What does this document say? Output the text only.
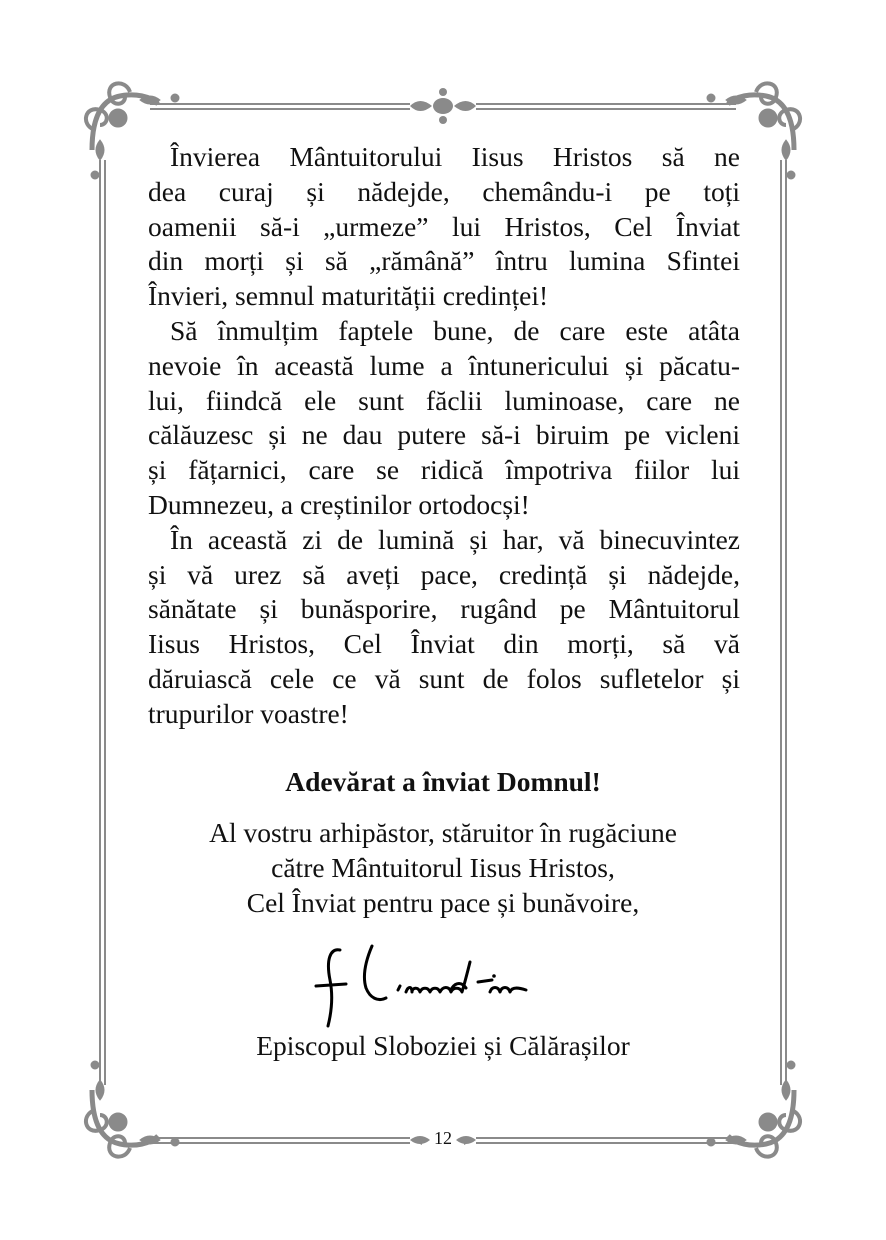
Învierea Mântuitorului Iisus Hristos să ne
dea curaj și nădejde, chemându-i pe toți
oamenii să-i „urmeze” lui Hristos, Cel Înviat
din morți și să „rămână” întru lumina Sfintei
Învieri, semnul maturității credinței!

Să înmulțim faptele bune, de care este atâta
nevoie în această lume a întunericului și păcatu-
lui, fiindcă ele sunt făclii luminoase, care ne
călăuzesc și ne dau putere să-i biruim pe vicleni
și fățarnici, care se ridică împotriva fiilor lui
Dumnezeu, a creștinilor ortodocși!

În această zi de lumină și har, vă binecuvintez
și vă urez să aveți pace, credință și nădejde,
sănătate și bunăsporire, rugând pe Mântuitorul
Iisus Hristos, Cel Înviat din morți, să vă
dăruiască cele ce vă sunt de folos sufletelor și
trupurilor voastre!

Adevărat a înviat Domnul!
Al vostru arhipăstor, stăruitor în rugăciune
către Mântuitorul Iisus Hristos,
Cel Înviat pentru pace și bunăvoire,
Episcopul Sloboziei și Călărașilor
12
